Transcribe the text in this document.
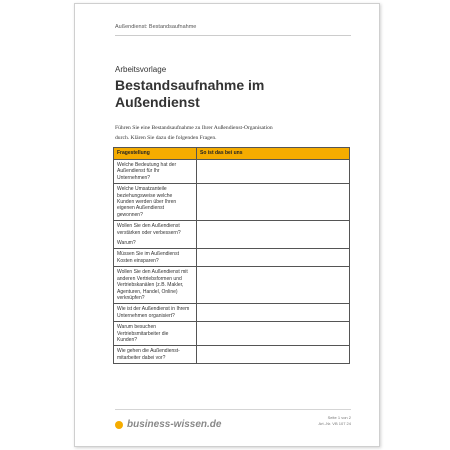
Außendienst: Bestandsaufnahme
Arbeitsvorlage
Bestandsaufnahme im
Außendienst

Führen Sie eine Bestandsaufnahme zu Ihrer Außendienst-Organisation

durch. Klären Sie dazu die folgenden Fragen.

Fragestellung	So ist das bei uns

Welche Bedeutung hat der
Außendienst für Ihr
Unternehmen?	

Welche Umsatzanteile
beziehungsweise welche
Kunden werden über Ihren
eigenen Außendienst
gewonnen?	

Wollen Sie den Außendienst
verstärken oder verbessern?
Warum?	

Müssen Sie im Außendienst
Kosten einsparen?	

Wollen Sie den Außendienst mit
anderen Vertriebsformen und
Vertriebskanälen (z.B. Makler,
Agenturen, Handel, Online)
verknüpfen?	

Wie ist der Außendienst in Ihrem
Unternehmen organisiert?	

Warum besuchen
Vertriebsmitarbeiter die
Kunden?	

Wie gehen die Außendienst-
mitarbeiter dabei vor?	

business-wissen.de
Seite 1 von 2
Art.-Nr. VB 107 24
